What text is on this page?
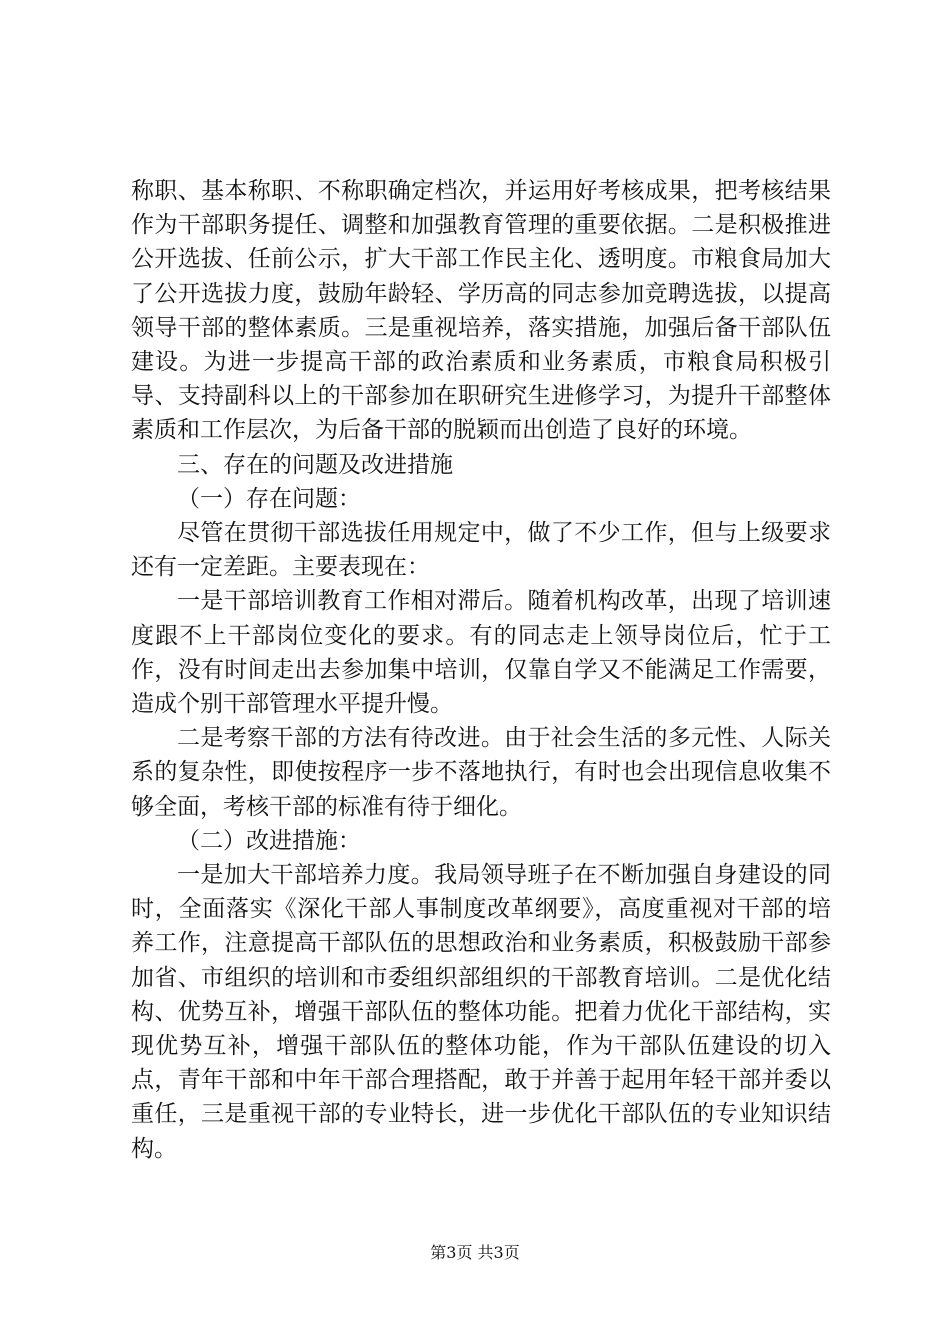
称职、基本称职、不称职确定档次，并运用好考核成果，把考核结果作为干部职务提任、调整和加强教育管理的重要依据。二是积极推进公开选拔、任前公示，扩大干部工作民主化、透明度。市粮食局加大了公开选拔力度，鼓励年龄轻、学历高的同志参加竞聘选拔，以提高领导干部的整体素质。三是重视培养，落实措施，加强后备干部队伍建设。为进一步提高干部的政治素质和业务素质，市粮食局积极引导、支持副科以上的干部参加在职研究生进修学习，为提升干部整体素质和工作层次，为后备干部的脱颖而出创造了良好的环境。

三、存在的问题及改进措施

（一）存在问题：

尽管在贯彻干部选拔任用规定中，做了不少工作，但与上级要求还有一定差距。主要表现在：

一是干部培训教育工作相对滞后。随着机构改革，出现了培训速度跟不上干部岗位变化的要求。有的同志走上领导岗位后，忙于工作，没有时间走出去参加集中培训，仅靠自学又不能满足工作需要，造成个别干部管理水平提升慢。

二是考察干部的方法有待改进。由于社会生活的多元性、人际关系的复杂性，即使按程序一步不落地执行，有时也会出现信息收集不够全面，考核干部的标准有待于细化。

（二）改进措施：

一是加大干部培养力度。我局领导班子在不断加强自身建设的同时，全面落实《深化干部人事制度改革纲要》，高度重视对干部的培养工作，注意提高干部队伍的思想政治和业务素质，积极鼓励干部参加省、市组织的培训和市委组织部组织的干部教育培训。二是优化结构、优势互补，增强干部队伍的整体功能。把着力优化干部结构，实现优势互补，增强干部队伍的整体功能，作为干部队伍建设的切入点，青年干部和中年干部合理搭配，敢于并善于起用年轻干部并委以重任，三是重视干部的专业特长，进一步优化干部队伍的专业知识结构。

第3页 共3页
